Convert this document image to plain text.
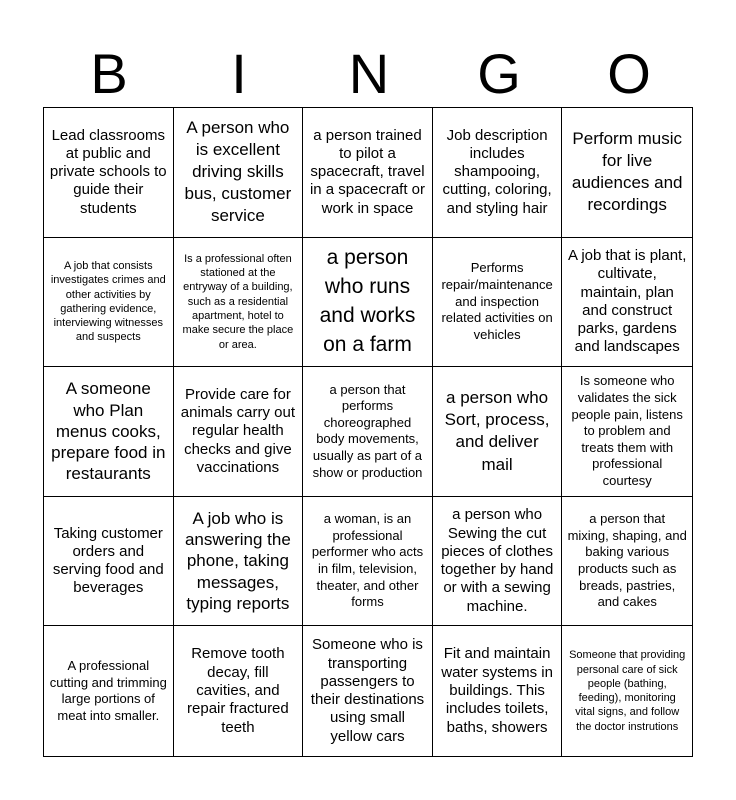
B	I	N	G	O
Lead classrooms at public and private schools to guide their students
A person who is excellent driving skills bus, customer service
a person trained to pilot a spacecraft, travel in a spacecraft or work in space
Job description includes shampooing, cutting, coloring, and styling hair
Perform music for live audiences and recordings
A job that consists investigates crimes and other activities by gathering evidence, interviewing witnesses and suspects
Is a professional often stationed at the entryway of a building, such as a residential apartment, hotel to make secure the place or area.
a person who runs and works on a farm
Performs repair/maintenance and inspection related activities on vehicles
A job that is plant, cultivate, maintain, plan and construct parks, gardens and landscapes
A someone who Plan menus cooks, prepare food in restaurants
Provide care for animals carry out regular health checks and give vaccinations
a person that performs choreographed body movements, usually as part of a show or production
a person who Sort, process, and deliver mail
Is someone who validates the sick people pain, listens to problem and treats them with professional courtesy
Taking customer orders and serving food and beverages
A job who is answering the phone, taking messages, typing reports
a woman, is an professional performer who acts in film, television, theater, and other forms
a person who Sewing the cut pieces of clothes together by hand or with a sewing machine.
a person that mixing, shaping, and baking various products such as breads, pastries, and cakes
A professional cutting and trimming large portions of meat into smaller.
Remove tooth decay, fill cavities, and repair fractured teeth
Someone who is transporting passengers to their destinations using small yellow cars
Fit and maintain water systems in buildings. This includes toilets, baths, showers
Someone that providing personal care of sick people (bathing, feeding), monitoring vital signs, and follow the doctor instrutions
